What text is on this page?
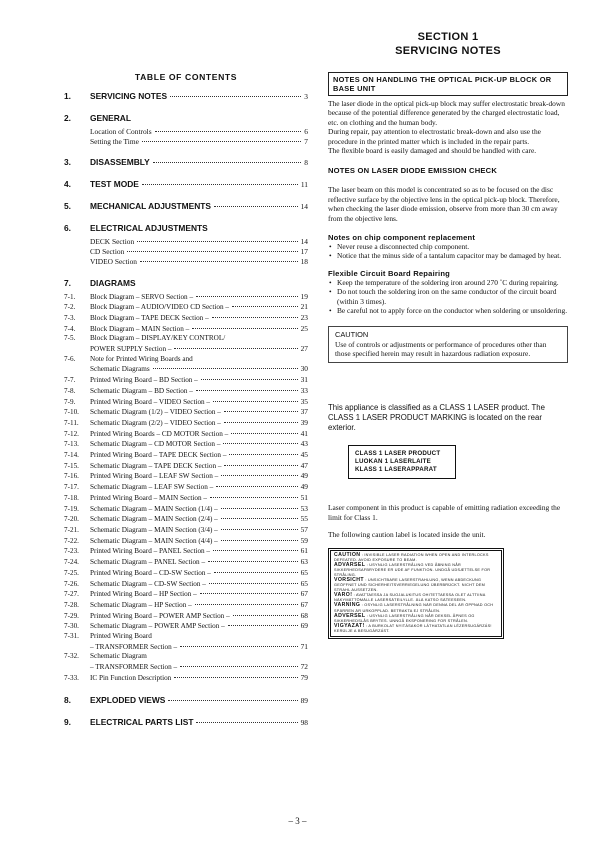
TABLE OF CONTENTS
1.	SERVICING NOTES	3
2.	GENERAL
Location of Controls	6
Setting the Time	7
3.	DISASSEMBLY	8
4.	TEST MODE	11
5.	MECHANICAL ADJUSTMENTS	14
6.	ELECTRICAL ADJUSTMENTS
DECK Section	14
CD Section	17
VIDEO Section	18
7.	DIAGRAMS
7-1.	Block Diagram – SERVO Section –	19
7-2.	Block Diagram – AUDIO/VIDEO CD Section –	21
7-3.	Block Diagram – TAPE DECK Section –	23
7-4.	Block Diagram – MAIN Section –	25
7-5.	Block Diagram – DISPLAY/KEY CONTROL/
POWER SUPPLY Section –	27
7-6.	Note for Printed Wiring Boards and
Schematic Diagrams	30
7-7.	Printed Wiring Board – BD Section –	31
7-8.	Schematic Diagram – BD Section –	33
7-9.	Printed Wiring Board – VIDEO Section –	35
7-10.	Schematic Diagram (1/2) – VIDEO Section –	37
7-11.	Schematic Diagram (2/2) – VIDEO Section –	39
7-12.	Printed Wiring Boards – CD MOTOR Section –	41
7-13.	Schematic Diagram – CD MOTOR Section –	43
7-14.	Printed Wiring Board – TAPE DECK Section –	45
7-15.	Schematic Diagram – TAPE DECK Section –	47
7-16.	Printed Wiring Board – LEAF SW Section –	49
7-17.	Schematic Diagram – LEAF SW Section –	49
7-18.	Printed Wiring Board – MAIN Section –	51
7-19.	Schematic Diagram – MAIN Section (1/4) –	53
7-20.	Schematic Diagram – MAIN Section (2/4) –	55
7-21.	Schematic Diagram – MAIN Section (3/4) –	57
7-22.	Schematic Diagram – MAIN Section (4/4) –	59
7-23.	Printed Wiring Board – PANEL Section –	61
7-24.	Schematic Diagram – PANEL Section –	63
7-25.	Printed Wiring Board – CD-SW Section –	65
7-26.	Schematic Diagram – CD-SW Section –	65
7-27.	Printed Wiring Board – HP Section –	67
7-28.	Schematic Diagram – HP Section –	67
7-29.	Printed Wiring Board – POWER AMP Section –	68
7-30.	Schematic Diagram – POWER AMP Section –	69
7-31.	Printed Wiring Board
– TRANSFORMER Section –	71
7-32.	Schematic Diagram
– TRANSFORMER Section –	72
7-33.	IC Pin Function Description	79
8.	EXPLODED VIEWS	89
9.	ELECTRICAL PARTS LIST	98
SECTION 1
SERVICING NOTES
NOTES ON HANDLING THE OPTICAL PICK-UP BLOCK OR BASE UNIT

The laser diode in the optical pick-up block may suffer electrostatic break-down because of the potential difference generated by the charged electrostatic load, etc. on clothing and the human body.

During repair, pay attention to electrostatic break-down and also use the procedure in the printed matter which is included in the repair parts.

The flexible board is easily damaged and should be handled with care.

NOTES ON LASER DIODE EMISSION CHECK

The laser beam on this model is concentrated so as to be focused on the disc reflective surface by the objective lens in the optical pick-up block. Therefore, when checking the laser diode emission, observe from more than 30 cm away from the objective lens.

Notes on chip component replacement

• Never reuse a disconnected chip component.
• Notice that the minus side of a tantalum capacitor may be damaged by heat.

Flexible Circuit Board Repairing

• Keep the temperature of the soldering iron around 270 ˚C during repairing.
• Do not touch the soldering iron on the same conductor of the circuit board (within 3 times).
• Be careful not to apply force on the conductor when soldering or unsoldering.
CAUTION

Use of controls or adjustments or performance of procedures other than those specified herein may result in hazardous radiation exposure.

This appliance is classified as a CLASS 1 LASER product. The CLASS 1 LASER PRODUCT MARKING is located on the rear exterior.
CLASS 1 LASER PRODUCT
LUOKAN 1 LASERLAITE
KLASS 1 LASERAPPARAT

Laser component in this product is capable of emitting radiation exceeding the limit for Class 1.

The following caution label is located inside the unit.

CAUTION : INVISIBLE LASER RADIATION WHEN OPEN AND INTERLOCKS DEFEATED. AVOID EXPOSURE TO BEAM.
ADVARSEL : USYNLIG LASERSTRÅLING VED ÅBNING NÅR SIKKERHEDSAFBRYDERE ER UDE AF FUNKTION. UNDGÅ UDSÆTTELSE FOR STRÅLING.
VORSICHT : UNSICHTBARE LASERSTRAHLUNG, WENN ABDECKUNG GEÖFFNET UND SICHERHEITSVERRIEGELUNG ÜBERBRÜCKT. NICHT DEM STRAHL AUSSETZEN.
VARO! : AVATTAESSA JA SUOJALUKITUS OHITETTAESSA OLET ALTTIINA NÄKYMÄTTÖMÄLLE LASERSÄTEILYLLE. ÄLÄ KATSO SÄTEESEEN.
VARNING : OSYNLIG LASERSTRÅLNING NÄR DENNA DEL ÄR ÖPPNAD OCH SPÄRREN ÄR URKOPPLAD. BETRAKTA EJ STRÅLEN.
ADVERSEL : USYNLIG LASERSTRÅLING NÅR DEKSEL ÅPNES OG SIKKERHEDSLÅS BRYTES. UNNGÅ EKSPONERING FOR STRÅLEN.
VIGYAZAT! : A BURKOLAT NYITÁSAKOR LÁTHATATLAN LÉZERSUGÁRZÁS! KERÜLJE A BESUGÁRZÁST.
– 3 –
